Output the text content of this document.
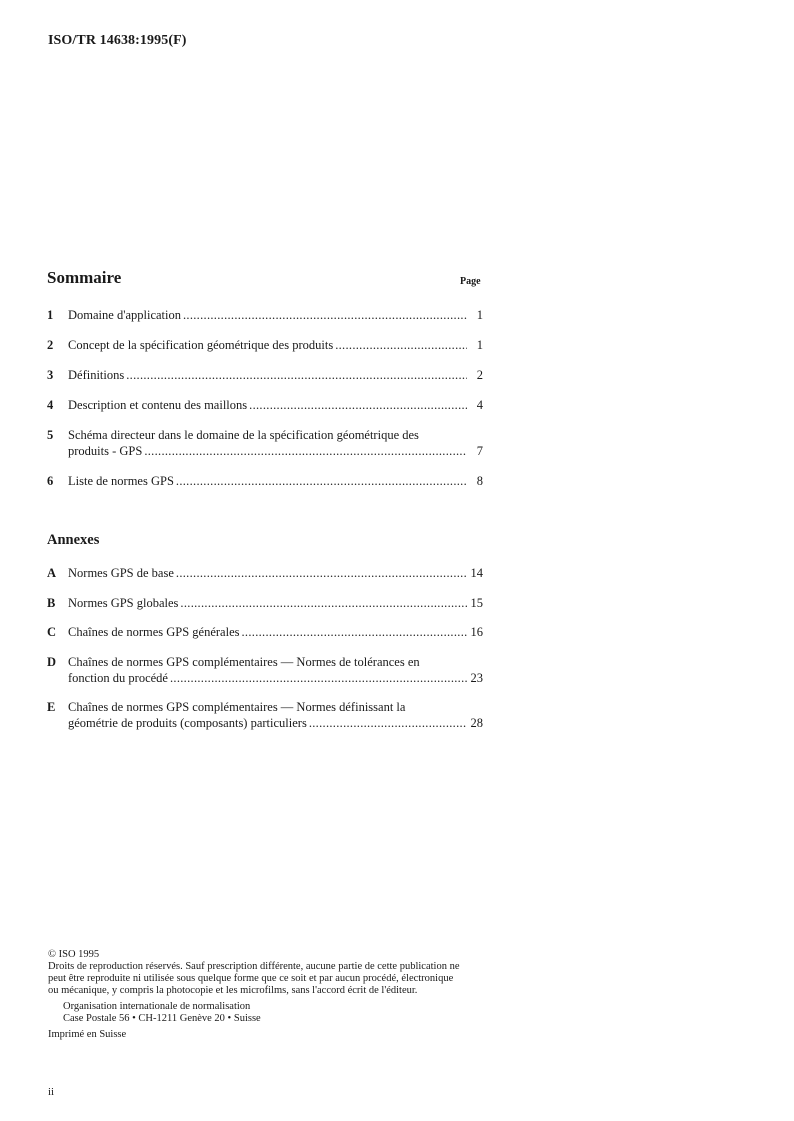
ISO/TR 14638:1995(F)
Sommaire	Page
1	Domaine d'application .....	1
2	Concept de la spécification géométrique des produits .....	1
3	Définitions .....	2
4	Description et contenu des maillons .....	4
5	Schéma directeur dans le domaine de la spécification géométrique des
produits - GPS .....	7
6	Liste de normes GPS .....	8
Annexes
A Normes GPS de base .....	14
B	Normes GPS globales .....	15
C Chaînes de normes GPS générales .....	16
D Chaînes de normes GPS complémentaires — Normes de tolérances en
fonction du procédé .....	23
E	Chaînes de normes GPS complémentaires — Normes définissant la
géométrie de produits (composants) particuliers .....	28
© ISO 1995
Droits de reproduction réservés. Sauf prescription différente, aucune partie de cette publication ne
peut être reproduite ni utilisée sous quelque forme que ce soit et par aucun procédé, électronique
ou mécanique, y compris la photocopie et les microfilms, sans l'accord écrit de l'éditeur.
Organisation internationale de normalisation
Case Postale 56 • CH-1211 Genève 20 • Suisse
Imprimé en Suisse
ii
